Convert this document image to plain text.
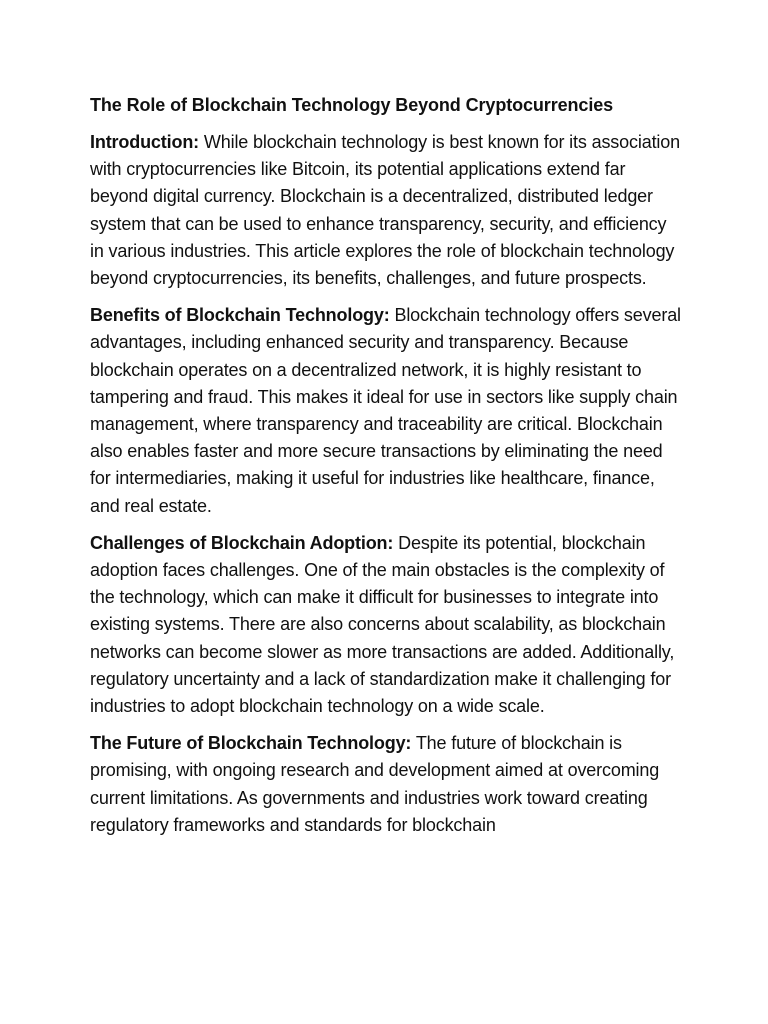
The Role of Blockchain Technology Beyond Cryptocurrencies

Introduction: While blockchain technology is best known for its association with cryptocurrencies like Bitcoin, its potential applications extend far beyond digital currency. Blockchain is a decentralized, distributed ledger system that can be used to enhance transparency, security, and efficiency in various industries. This article explores the role of blockchain technology beyond cryptocurrencies, its benefits, challenges, and future prospects.

Benefits of Blockchain Technology: Blockchain technology offers several advantages, including enhanced security and transparency. Because blockchain operates on a decentralized network, it is highly resistant to tampering and fraud. This makes it ideal for use in sectors like supply chain management, where transparency and traceability are critical. Blockchain also enables faster and more secure transactions by eliminating the need for intermediaries, making it useful for industries like healthcare, finance, and real estate.

Challenges of Blockchain Adoption: Despite its potential, blockchain adoption faces challenges. One of the main obstacles is the complexity of the technology, which can make it difficult for businesses to integrate into existing systems. There are also concerns about scalability, as blockchain networks can become slower as more transactions are added. Additionally, regulatory uncertainty and a lack of standardization make it challenging for industries to adopt blockchain technology on a wide scale.

The Future of Blockchain Technology: The future of blockchain is promising, with ongoing research and development aimed at overcoming current limitations. As governments and industries work toward creating regulatory frameworks and standards for blockchain
